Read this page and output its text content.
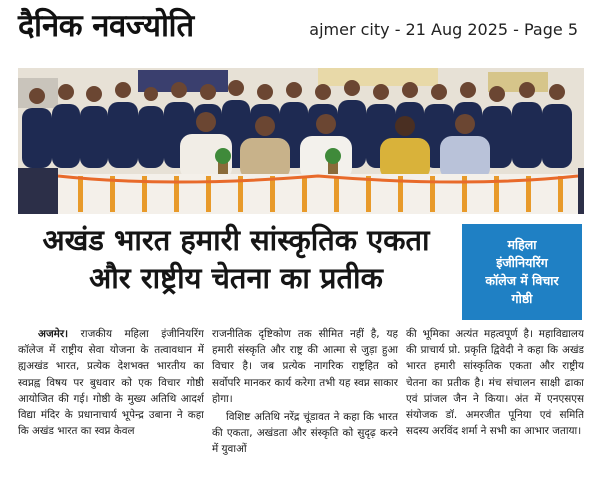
दैनिक नवज्योति	ajmer city - 21 Aug 2025 - Page 5
अखंड भारत हमारी सांस्कृतिक एकता
और राष्ट्रीय चेतना का प्रतीक
महिला
इंजीनियरिंग
कॉलेज में विचार
गोष्ठी

अजमेर। राजकीय महिला इंजीनियरिंग कॉलेज में राष्ट्रीय सेवा योजना के तत्वावधान में ह्यअखंड भारत, प्रत्येक देशभक्त भारतीय का स्वप्नह्व विषय पर बुधवार को एक विचार गोष्ठी आयोजित की गई। गोष्ठी के मुख्य अतिथि आदर्श विद्या मंदिर के प्रधानाचार्य भूपेन्द्र उबाना ने कहा कि अखंड भारत का स्वप्न केवल

राजनीतिक दृष्टिकोण तक सीमित नहीं है, यह हमारी संस्कृति और राष्ट्र की आत्मा से जुड़ा हुआ विचार है। जब प्रत्येक नागरिक राष्ट्रहित को सर्वोपरि मानकर कार्य करेगा तभी यह स्वप्न साकार होगा।

विशिष्ट अतिथि नरेंद्र चूंडावत ने कहा कि भारत की एकता, अखंडता और संस्कृति को सुदृढ़ करने में युवाओं

की भूमिका अत्यंत महत्वपूर्ण है। महाविद्यालय की प्राचार्य प्रो. प्रकृति द्विवेदी ने कहा कि अखंड भारत हमारी सांस्कृतिक एकता और राष्ट्रीय चेतना का प्रतीक है। मंच संचालन साक्षी ढाका एवं प्रांजल जैन ने किया। अंत में एनएसएस संयोजक डॉ. अमरजीत पूनिया एवं समिति सदस्य अरविंद शर्मा ने सभी का आभार जताया।
